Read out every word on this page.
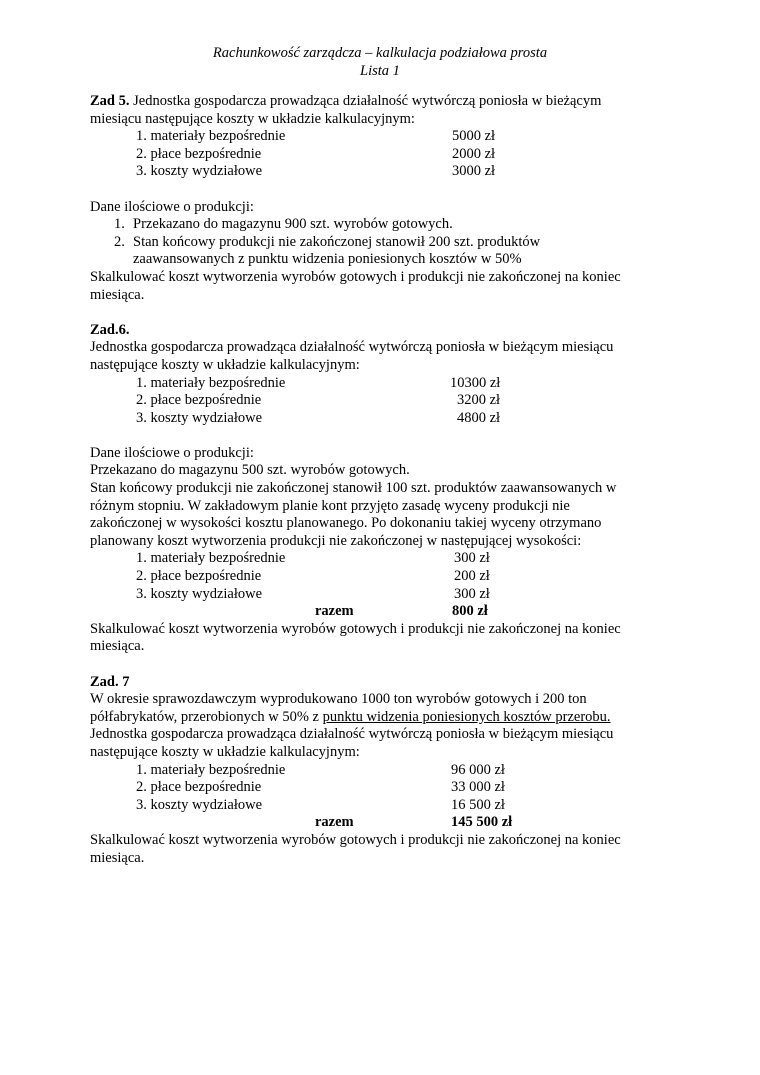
Rachunkowość zarządcza – kalkulacja podziałowa prosta
Lista 1
Zad 5. Jednostka gospodarcza prowadząca działalność wytwórczą poniosła w bieżącym
miesiącu następujące koszty w układzie kalkulacyjnym:
1. materiały bezpośrednie	5000 zł
2. płace bezpośrednie	2000 zł
3. koszty wydziałowe	3000 zł
Dane ilościowe o produkcji:
1. Przekazano do magazynu 900 szt. wyrobów gotowych.
2. Stan końcowy produkcji nie zakończonej stanowił 200 szt. produktów
zaawansowanych z punktu widzenia poniesionych kosztów w 50%
Skalkulować koszt wytworzenia wyrobów gotowych i produkcji nie zakończonej na koniec
miesiąca.
Zad.6.
Jednostka gospodarcza prowadząca działalność wytwórczą poniosła w bieżącym miesiącu
następujące koszty w układzie kalkulacyjnym:
1. materiały bezpośrednie	10300 zł
2. płace bezpośrednie	3200 zł
3. koszty wydziałowe	4800 zł
Dane ilościowe o produkcji:
Przekazano do magazynu 500 szt. wyrobów gotowych.
Stan końcowy produkcji nie zakończonej stanowił 100 szt. produktów zaawansowanych w
różnym stopniu. W zakładowym planie kont przyjęto zasadę wyceny produkcji nie
zakończonej w wysokości kosztu planowanego. Po dokonaniu takiej wyceny otrzymano
planowany koszt wytworzenia produkcji nie zakończonej w następującej wysokości:
1. materiały bezpośrednie	300 zł
2. płace bezpośrednie	200 zł
3. koszty wydziałowe	300 zł
razem	800 zł
Skalkulować koszt wytworzenia wyrobów gotowych i produkcji nie zakończonej na koniec
miesiąca.
Zad. 7
W okresie sprawozdawczym wyprodukowano 1000 ton wyrobów gotowych i 200 ton
półfabrykatów, przerobionych w 50% z punktu widzenia poniesionych kosztów przerobu.
Jednostka gospodarcza prowadząca działalność wytwórczą poniosła w bieżącym miesiącu
następujące koszty w układzie kalkulacyjnym:
1. materiały bezpośrednie	96 000 zł
2. płace bezpośrednie	33 000 zł
3. koszty wydziałowe	16 500 zł
razem	145 500 zł
Skalkulować koszt wytworzenia wyrobów gotowych i produkcji nie zakończonej na koniec
miesiąca.
